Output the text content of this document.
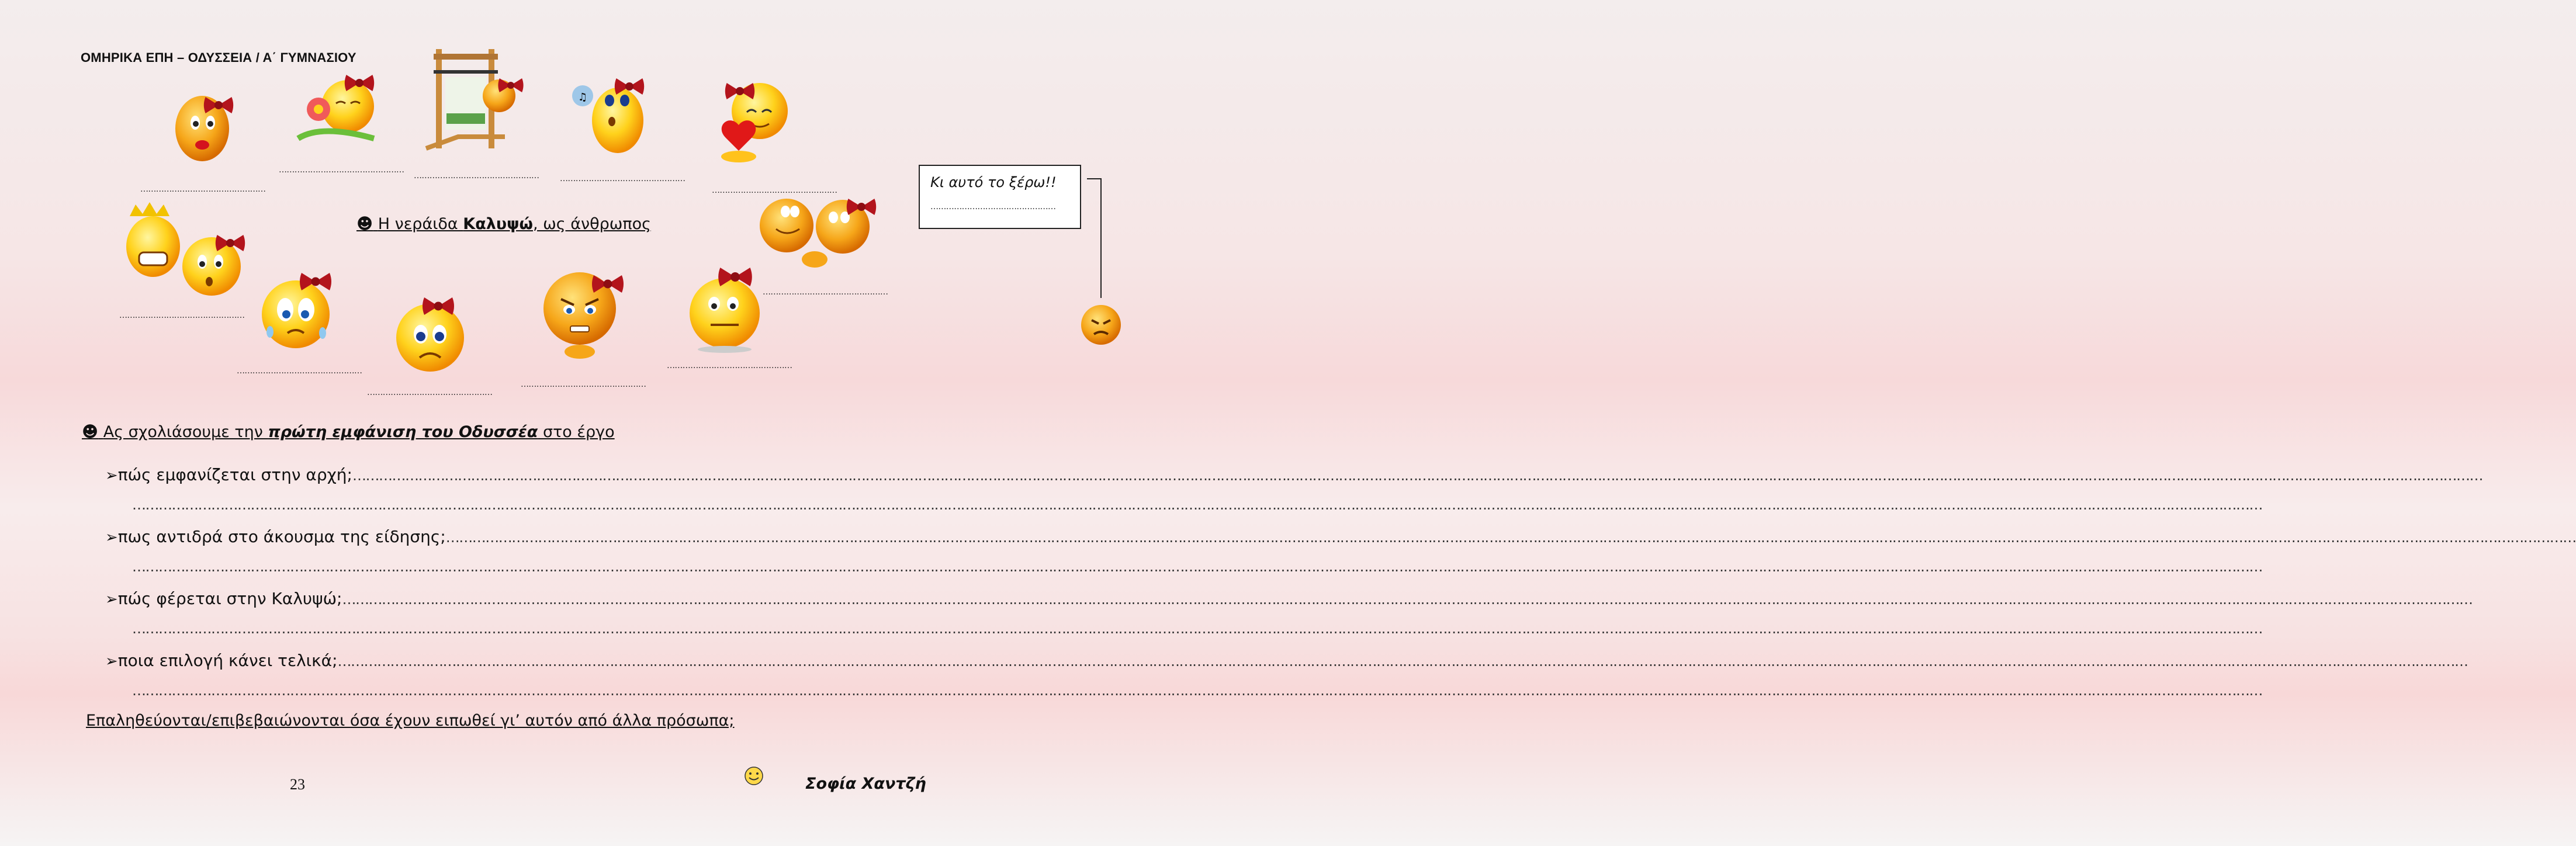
ΟΜΗΡΙΚΑ ΕΠΗ – ΟΔΥΣΣΕΙΑ / Α΄ ΓΥΜΝΑΣΙΟΥ
♫
…………………………………………
…………………………………………
…………………………………………	…………………………………………
…………………………………………
☻ Η νεράιδα Καλυψώ, ως άνθρωπος
Κι αυτό το ξέρω!!
…………………………………………
…………………………………………
…………………………………………
…………………………………………
…………………………………………
…………………………………………
…………………………………………
☻ Ας σχολιάσουμε την πρώτη εμφάνιση του Οδυσσέα στο έργο
➢ πώς εμφανίζεται στην αρχή; ………………………………………………………………………………………………………………………………………………………………………………………………………………………………………………………………………………………………………………………………………………………………………………………………………………………………………………
………………………………………………………………………………………………………………………………………………………………………………………………………………………………………………………………………………………………………………………………………………………………………………………………………………………………………………
➢ πως αντιδρά στο άκουσμα της είδησης; ………………………………………………………………………………………………………………………………………………………………………………………………………………………………………………………………………………………………………………………………………………………………………………………………………………………………………………
………………………………………………………………………………………………………………………………………………………………………………………………………………………………………………………………………………………………………………………………………………………………………………………………………………………………………………
➢ πώς φέρεται στην Καλυψώ; ………………………………………………………………………………………………………………………………………………………………………………………………………………………………………………………………………………………………………………………………………………………………………………………………………………………………………………
………………………………………………………………………………………………………………………………………………………………………………………………………………………………………………………………………………………………………………………………………………………………………………………………………………………………………………
➢ ποια επιλογή κάνει τελικά; ………………………………………………………………………………………………………………………………………………………………………………………………………………………………………………………………………………………………………………………………………………………………………………………………………………………………………………
………………………………………………………………………………………………………………………………………………………………………………………………………………………………………………………………………………………………………………………………………………………………………………………………………………………………………………
Επαληθεύονται/επιβεβαιώνονται όσα έχουν ειπωθεί γι’ αυτόν από άλλα πρόσωπα;
23	Σοφία Χαντζή
